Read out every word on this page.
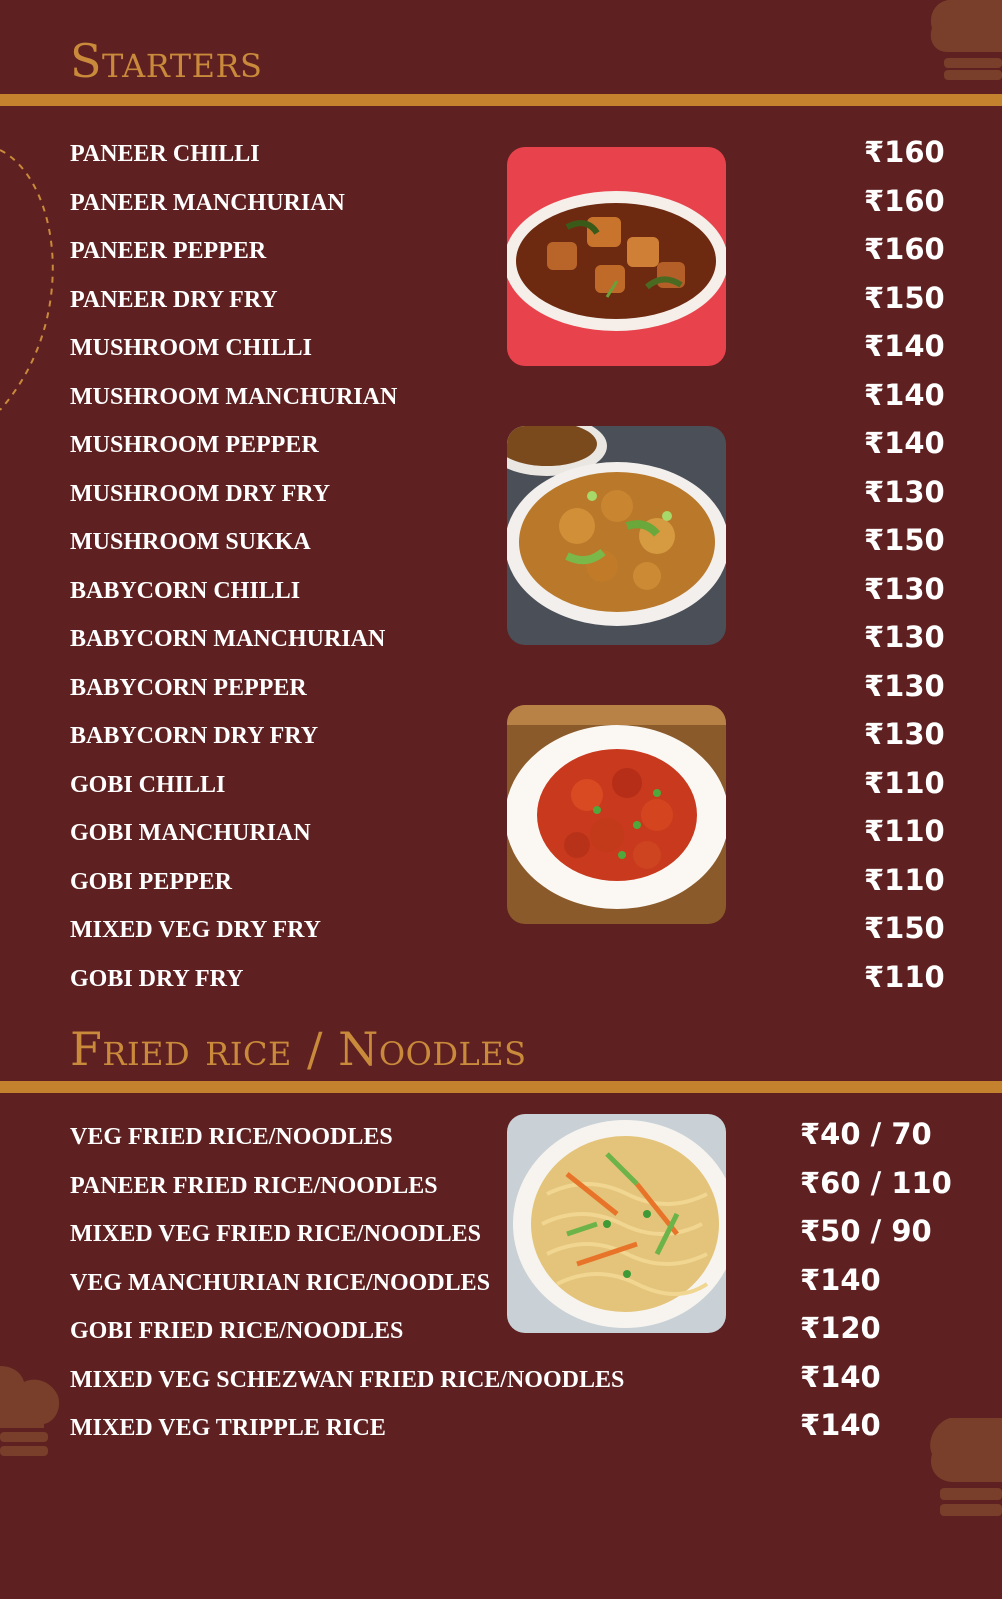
Starters
PANEER CHILLI	₹160
PANEER MANCHURIAN	₹160
PANEER PEPPER	₹160
PANEER DRY FRY	₹150
MUSHROOM CHILLI	₹140
MUSHROOM MANCHURIAN	₹140
MUSHROOM PEPPER	₹140
MUSHROOM DRY FRY	₹130
MUSHROOM SUKKA	₹150
BABYCORN CHILLI	₹130
BABYCORN MANCHURIAN	₹130
BABYCORN PEPPER	₹130
BABYCORN DRY FRY	₹130
GOBI CHILLI	₹110
GOBI MANCHURIAN	₹110
GOBI PEPPER	₹110
MIXED VEG DRY FRY	₹150
GOBI DRY FRY	₹110
Fried rice / Noodles
VEG FRIED RICE/NOODLES	₹40 / 70
PANEER FRIED RICE/NOODLES	₹60 / 110
MIXED VEG FRIED RICE/NOODLES	₹50 / 90
VEG MANCHURIAN RICE/NOODLES	₹140
GOBI FRIED RICE/NOODLES	₹120
MIXED VEG SCHEZWAN FRIED RICE/NOODLES	₹140
MIXED VEG TRIPPLE RICE	₹140
